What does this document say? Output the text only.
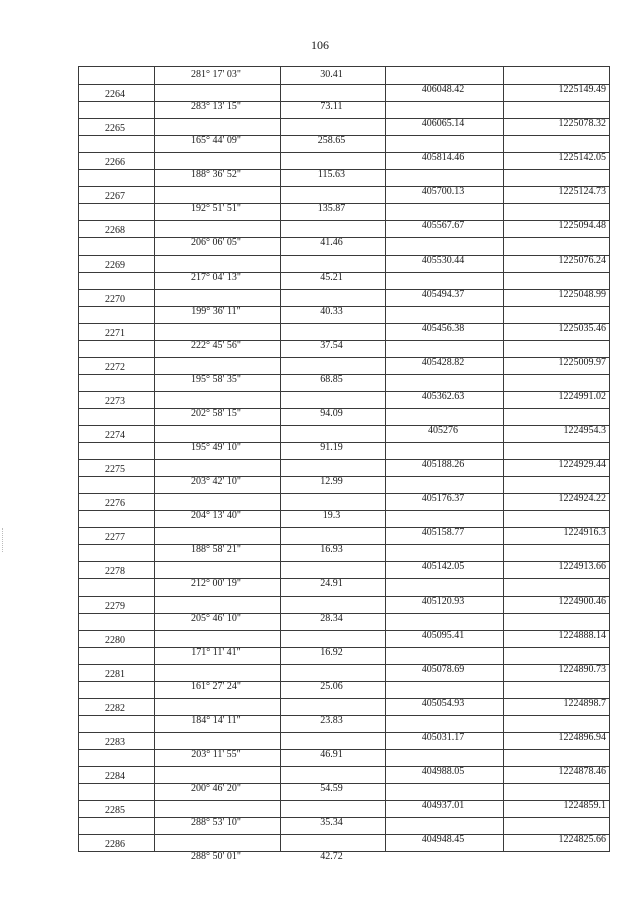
106
281° 17' 03"	30.41
2264	406048.42	1225149.49
283° 13' 15"	73.11
2265	406065.14	1225078.32
165° 44' 09"	258.65
2266	405814.46	1225142.05
188° 36' 52"	115.63
2267	405700.13	1225124.73
192° 51' 51"	135.87
2268	405567.67	1225094.48
206° 06' 05"	41.46
2269	405530.44	1225076.24
217° 04' 13"	45.21
2270	405494.37	1225048.99
199° 36' 11"	40.33
2271	405456.38	1225035.46
222° 45' 56"	37.54
2272	405428.82	1225009.97
195° 58' 35"	68.85
2273	405362.63	1224991.02
202° 58' 15"	94.09
2274	405276	1224954.3
195° 49' 10"	91.19
2275	405188.26	1224929.44
203° 42' 10"	12.99
2276	405176.37	1224924.22
204° 13' 40"	19.3
2277	405158.77	1224916.3
188° 58' 21"	16.93
2278	405142.05	1224913.66
212° 00' 19"	24.91
2279	405120.93	1224900.46
205° 46' 10"	28.34
2280	405095.41	1224888.14
171° 11' 41"	16.92
2281	405078.69	1224890.73
161° 27' 24"	25.06
2282	405054.93	1224898.7
184° 14' 11"	23.83
2283	405031.17	1224896.94
203° 11' 55"	46.91
2284	404988.05	1224878.46
200° 46' 20"	54.59
2285	404937.01	1224859.1
288° 53' 10"	35.34
2286	404948.45	1224825.66
288° 50' 01"	42.72
